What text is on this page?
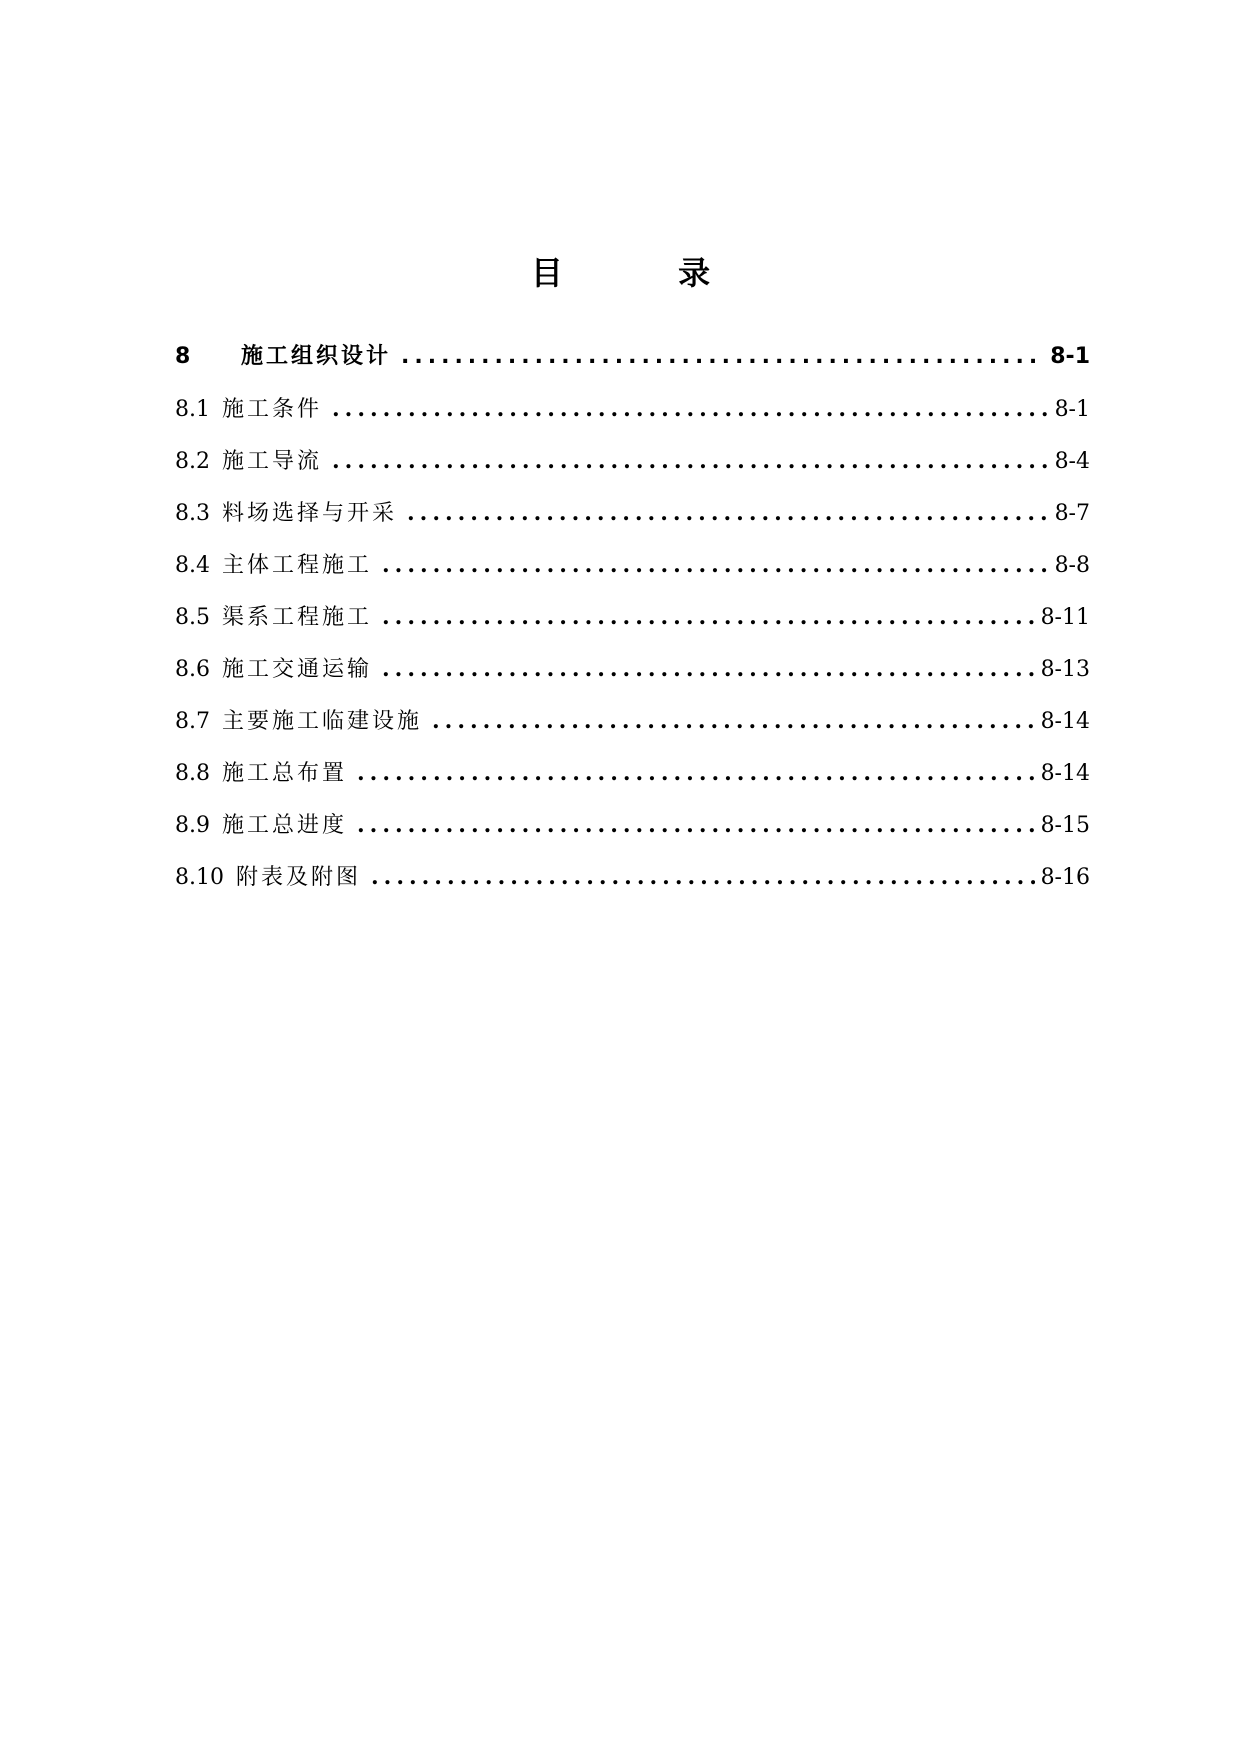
目 录
8	施工组织设计 .....	8-1
8.1 施工条件 .....	8-1
8.2 施工导流 .....	8-4
8.3 料场选择与开采 .....	8-7
8.4 主体工程施工 .....	8-8
8.5 渠系工程施工 .....	8-11
8.6 施工交通运输 .....	8-13
8.7 主要施工临建设施 .....	8-14
8.8 施工总布置 .....	8-14
8.9 施工总进度 .....	8-15
8.10 附表及附图 .....	8-16
